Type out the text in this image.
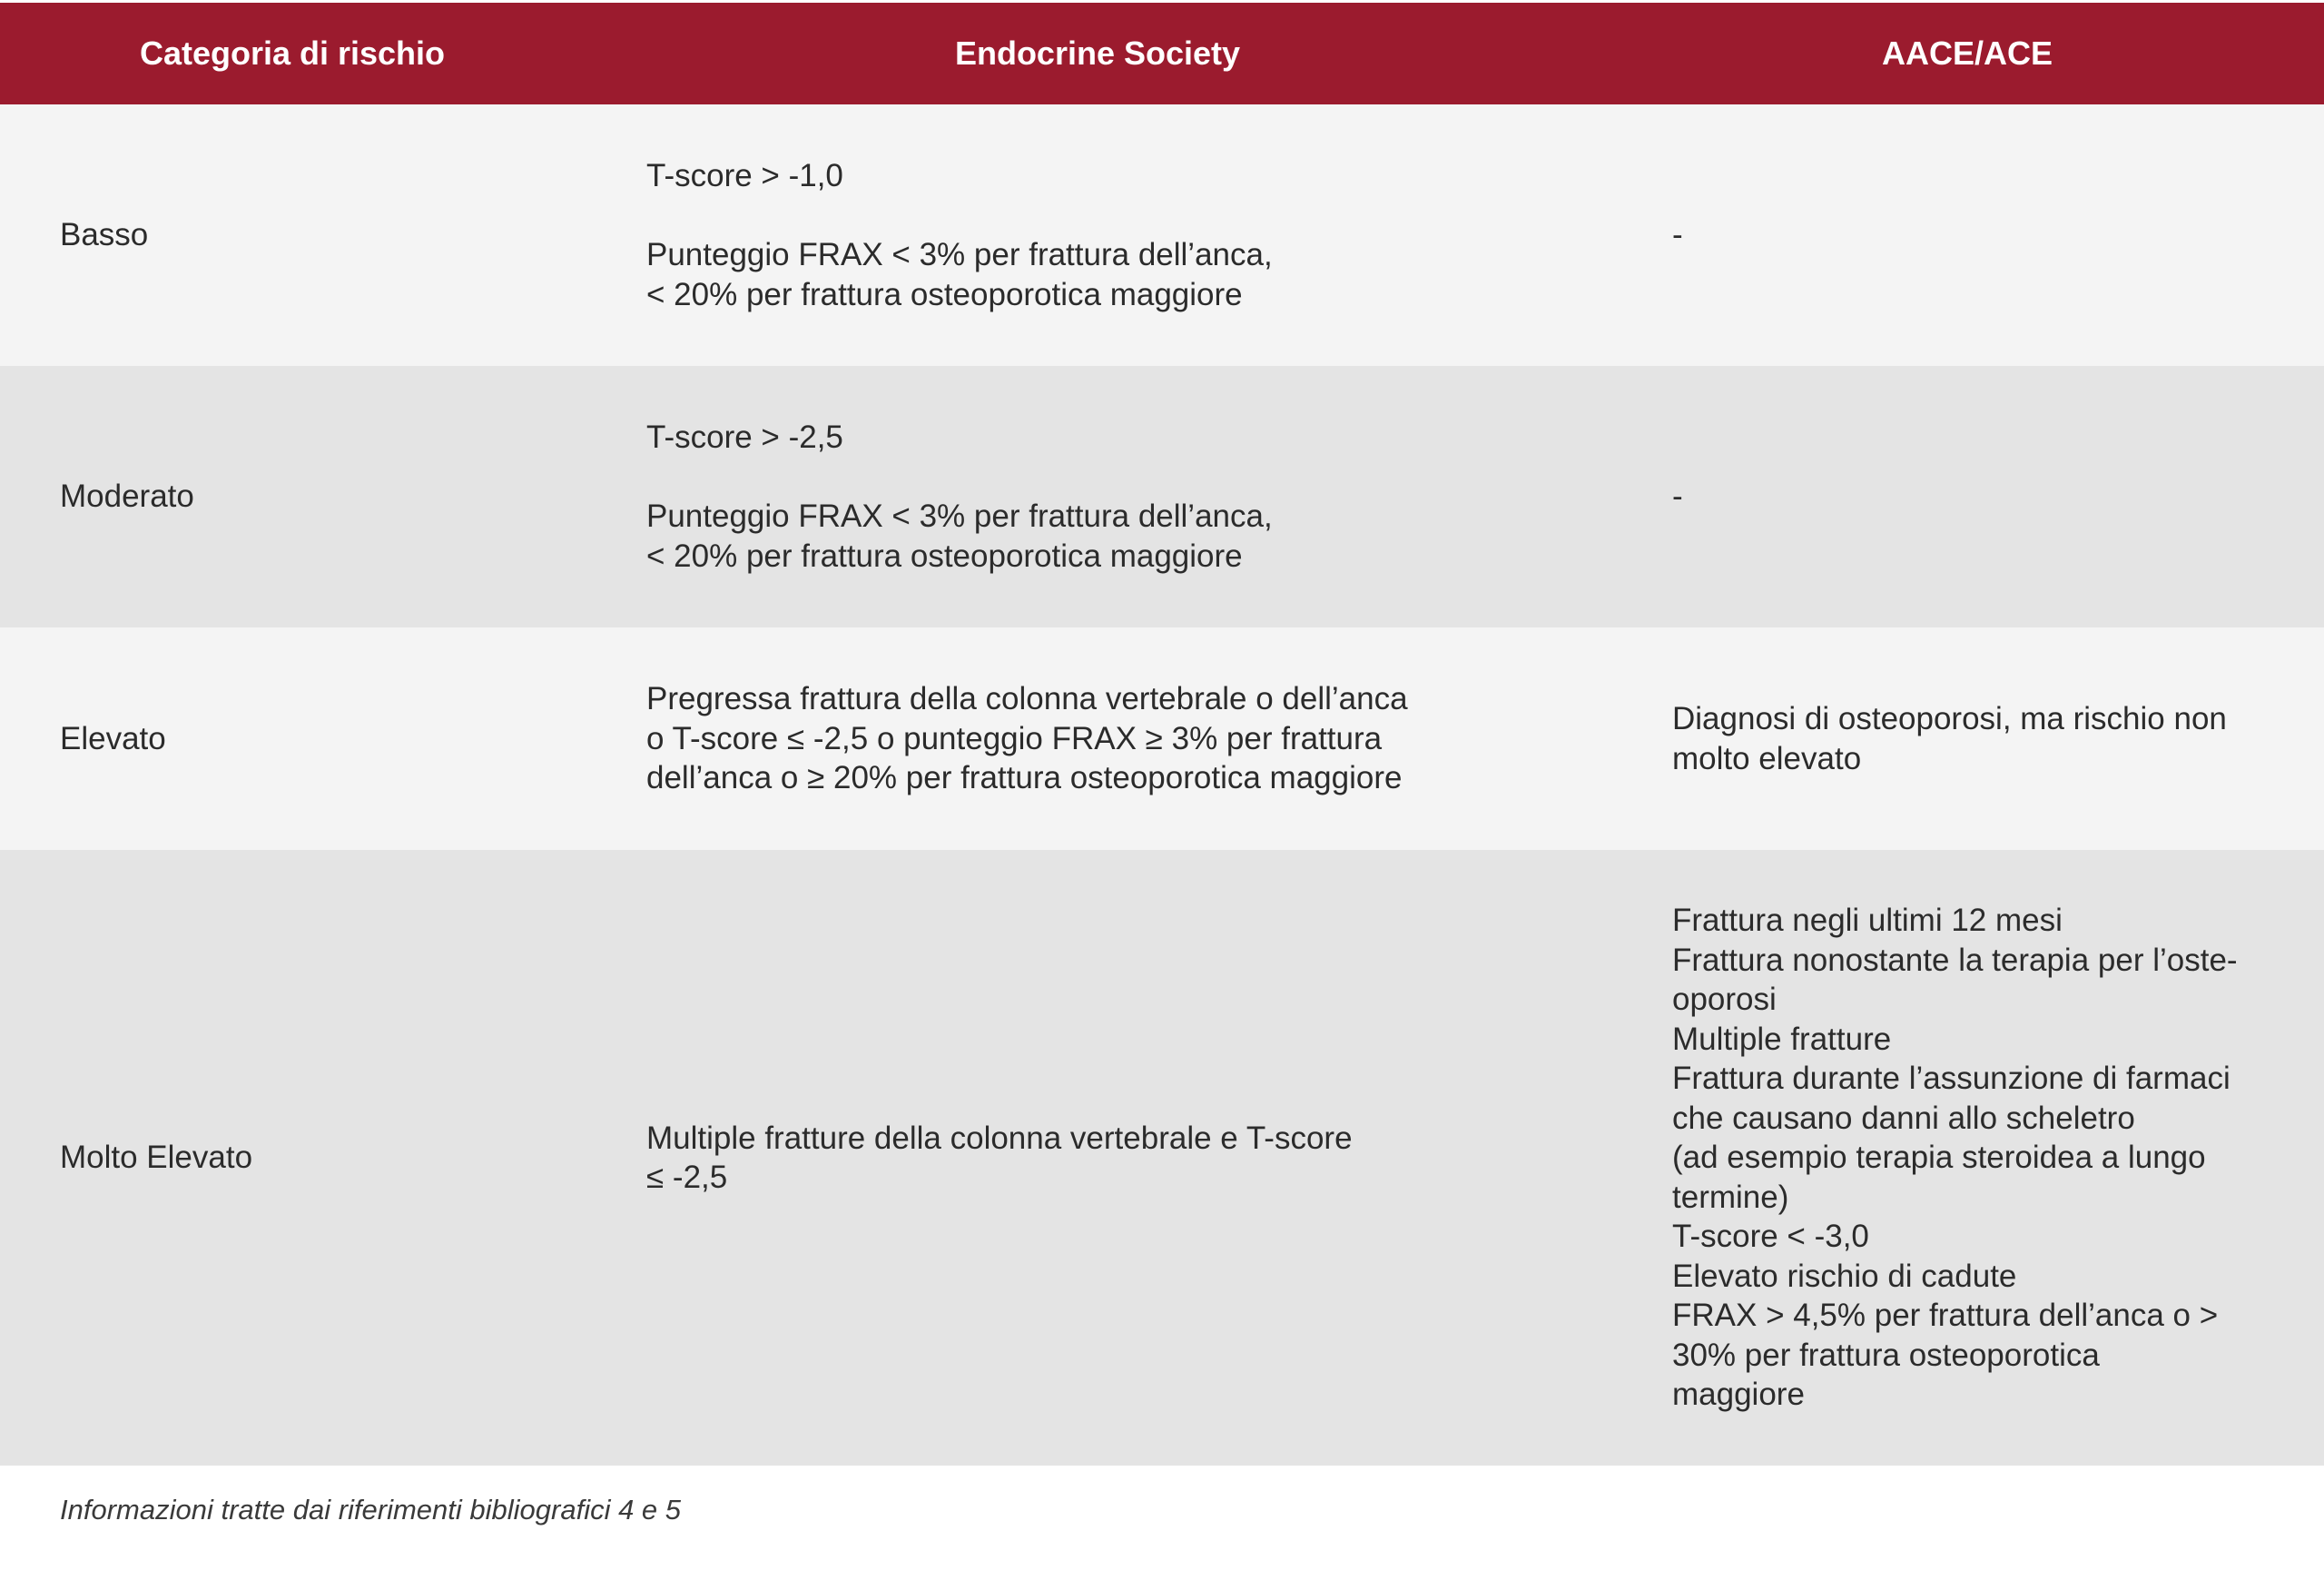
Categoria di rischio	Endocrine Society	AACE/ACE
Basso
T-score > -1,0
Punteggio FRAX < 3% per frattura dell’anca,
< 20% per frattura osteoporotica maggiore
-
Moderato
T-score > -2,5
Punteggio FRAX < 3% per frattura dell’anca,
< 20% per frattura osteoporotica maggiore
-
Elevato
Pregressa frattura della colonna vertebrale o dell’anca
o T-score ≤ -2,5 o punteggio FRAX ≥ 3% per frattura
dell’anca o ≥ 20% per frattura osteoporotica maggiore
Diagnosi di osteoporosi, ma rischio non
molto elevato
Molto Elevato
Multiple fratture della colonna vertebrale e T-score
≤ -2,5
Frattura negli ultimi 12 mesi
Frattura nonostante la terapia per l’oste-
oporosi
Multiple fratture
Frattura durante l’assunzione di farmaci
che causano danni allo scheletro
(ad esempio terapia steroidea a lungo
termine)
T-score < -3,0
Elevato rischio di cadute
FRAX > 4,5% per frattura dell’anca o >
30% per frattura osteoporotica
maggiore
Informazioni tratte dai riferimenti bibliografici 4 e 5
